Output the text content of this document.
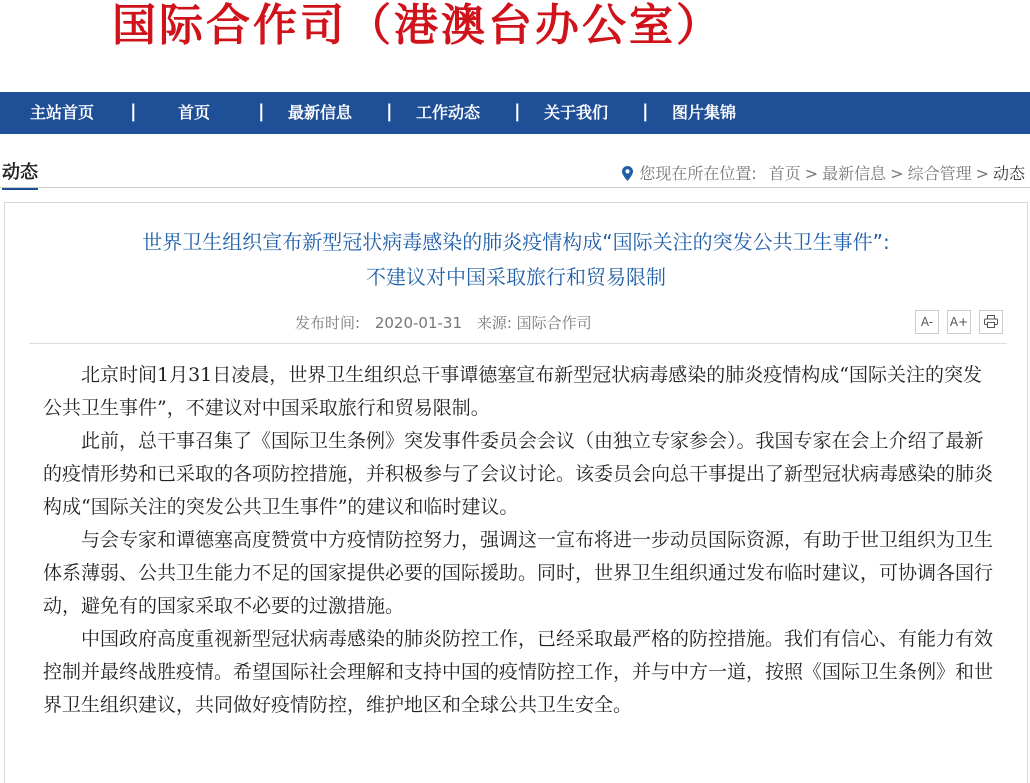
国际合作司（港澳台办公室）
主站首页 |	首页	| 最新信息 | 工作动态 | 关于我们 | 图片集锦
动态	您现在所在位置: 首页 > 最新信息 > 综合管理 > 动态
世界卫生组织宣布新型冠状病毒感染的肺炎疫情构成“国际关注的突发公共卫生事件”:
不建议对中国采取旅行和贸易限制
发布时间: 2020-01-31 来源: 国际合作司	A-	A+

北京时间1月31日凌晨，世界卫生组织总干事谭德塞宣布新型冠状病毒感染的肺炎疫情构成“国际关注的突发公共卫生事件”，不建议对中国采取旅行和贸易限制。

此前，总干事召集了《国际卫生条例》突发事件委员会会议（由独立专家参会）。我国专家在会上介绍了最新的疫情形势和已采取的各项防控措施，并积极参与了会议讨论。该委员会向总干事提出了新型冠状病毒感染的肺炎构成“国际关注的突发公共卫生事件”的建议和临时建议。

与会专家和谭德塞高度赞赏中方疫情防控努力，强调这一宣布将进一步动员国际资源，有助于世卫组织为卫生体系薄弱、公共卫生能力不足的国家提供必要的国际援助。同时，世界卫生组织通过发布临时建议，可协调各国行动，避免有的国家采取不必要的过激措施。

中国政府高度重视新型冠状病毒感染的肺炎防控工作，已经采取最严格的防控措施。我们有信心、有能力有效控制并最终战胜疫情。希望国际社会理解和支持中国的疫情防控工作，并与中方一道，按照《国际卫生条例》和世界卫生组织建议，共同做好疫情防控，维护地区和全球公共卫生安全。
